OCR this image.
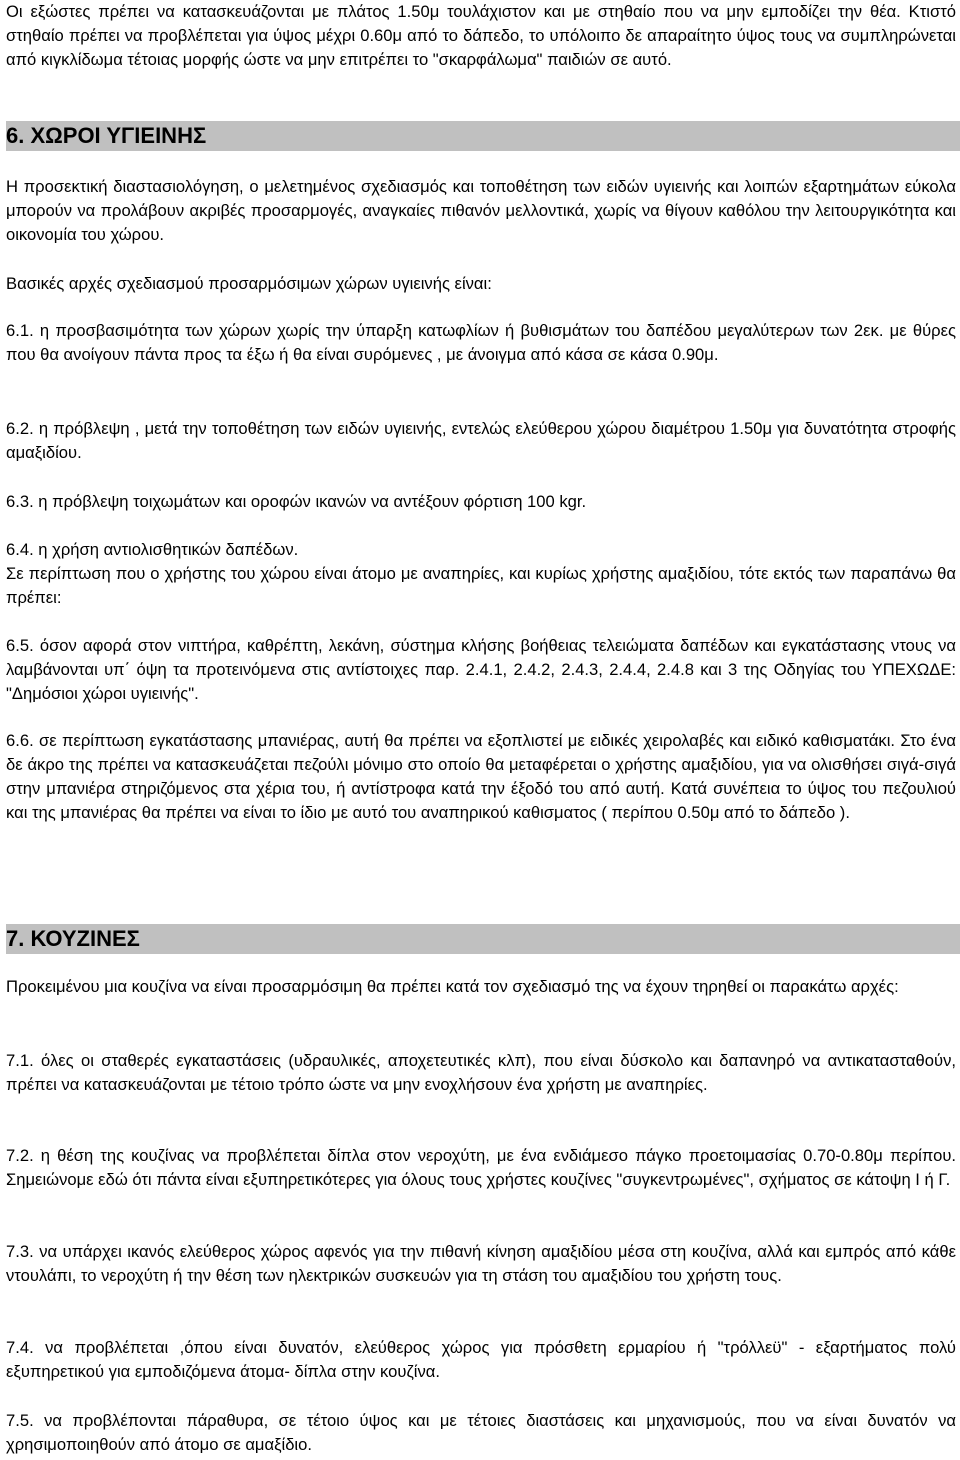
Οι εξώστες πρέπει να κατασκευάζονται με πλάτος 1.50μ τουλάχιστον και με στηθαίο που να μην εμποδίζει την θέα. Κτιστό στηθαίο πρέπει να προβλέπεται για ύψος μέχρι 0.60μ από το δάπεδο, το υπόλοιπο δε απαραίτητο ύψος τους να συμπληρώνεται από κιγκλίδωμα τέτοιας μορφής ώστε να μην επιτρέπει το "σκαρφάλωμα" παιδιών σε αυτό.

6. ΧΩΡΟΙ ΥΓΙΕΙΝΗΣ

Η προσεκτική διαστασιολόγηση, ο μελετημένος σχεδιασμός και τοποθέτηση των ειδών υγιεινής και λοιπών εξαρτημάτων εύκολα μπορούν να προλάβουν ακριβές προσαρμογές, αναγκαίες πιθανόν μελλοντικά, χωρίς να θίγουν καθόλου την λειτουργικότητα και οικονομία του χώρου.

Βασικές αρχές σχεδιασμού προσαρμόσιμων χώρων υγιεινής είναι:

6.1. η προσβασιμότητα των χώρων χωρίς την ύπαρξη κατωφλίων ή βυθισμάτων του δαπέδου μεγαλύτερων των 2εκ. με θύρες που θα ανοίγουν πάντα προς τα έξω ή θα είναι συρόμενες , με άνοιγμα από κάσα σε κάσα 0.90μ.

6.2. η πρόβλεψη , μετά την τοποθέτηση των ειδών υγιεινής, εντελώς ελεύθερου χώρου διαμέτρου 1.50μ για δυνατότητα στροφής αμαξιδίου.

6.3. η πρόβλεψη τοιχωμάτων και οροφών ικανών να αντέξουν φόρτιση 100 kgr.

6.4. η χρήση αντιολισθητικών δαπέδων.

Σε περίπτωση που ο χρήστης του χώρου είναι άτομο με αναπηρίες, και κυρίως χρήστης αμαξιδίου, τότε εκτός των παραπάνω θα πρέπει:

6.5. όσον αφορά στον νιπτήρα, καθρέπτη, λεκάνη, σύστημα κλήσης βοήθειας τελειώματα δαπέδων και εγκατάστασης ντους να λαμβάνονται υπ΄ όψη τα προτεινόμενα στις αντίστοιχες παρ. 2.4.1, 2.4.2, 2.4.3, 2.4.4, 2.4.8 και 3 της Οδηγίας του ΥΠΕΧΩΔΕ: "Δημόσιοι χώροι υγιεινής".

6.6. σε περίπτωση εγκατάστασης μπανιέρας, αυτή θα πρέπει να εξοπλιστεί με ειδικές χειρολαβές και ειδικό καθισματάκι. Στο ένα δε άκρο της πρέπει να κατασκευάζεται πεζούλι μόνιμο στο οποίο θα μεταφέρεται ο χρήστης αμαξιδίου, για να ολισθήσει σιγά-σιγά στην μπανιέρα στηριζόμενος στα χέρια του, ή αντίστροφα κατά την έξοδό του από αυτή. Κατά συνέπεια το ύψος του πεζουλιού και της μπανιέρας θα πρέπει να είναι το ίδιο με αυτό του αναπηρικού καθισματος ( περίπου 0.50μ από το δάπεδο ).

7. ΚΟΥΖΙΝΕΣ

Προκειμένου μια κουζίνα να είναι προσαρμόσιμη θα πρέπει κατά τον σχεδιασμό της να έχουν τηρηθεί οι παρακάτω αρχές:

7.1. όλες οι σταθερές εγκαταστάσεις (υδραυλικές, αποχετευτικές κλπ), που είναι δύσκολο και δαπανηρό να αντικατασταθούν, πρέπει να κατασκευάζονται με τέτοιο τρόπο ώστε να μην ενοχλήσουν ένα χρήστη με αναπηρίες.

7.2. η θέση της κουζίνας να προβλέπεται δίπλα στον νεροχύτη, με ένα ενδιάμεσο πάγκο προετοιμασίας 0.70-0.80μ περίπου. Σημειώνομε εδώ ότι πάντα είναι εξυπηρετικότερες για όλους τους χρήστες κουζίνες "συγκεντρωμένες", σχήματος σε κάτοψη Ι ή Γ.

7.3. να υπάρχει ικανός ελεύθερος χώρος αφενός για την πιθανή κίνηση αμαξιδίου μέσα στη κουζίνα, αλλά και εμπρός από κάθε ντουλάπι, το νεροχύτη ή την θέση των ηλεκτρικών συσκευών για τη στάση του αμαξιδίου του χρήστη τους.

7.4. να προβλέπεται ,όπου είναι δυνατόν, ελεύθερος χώρος για πρόσθετη ερμαρίου ή "τρόλλεϋ" - εξαρτήματος πολύ εξυπηρετικού για εμποδιζόμενα άτομα- δίπλα στην κουζίνα.

7.5. να προβλέπονται πάραθυρα, σε τέτοιο ύψος και με τέτοιες διαστάσεις και μηχανισμούς, που να είναι δυνατόν να χρησιμοποιηθούν από άτομο σε αμαξίδιο.
